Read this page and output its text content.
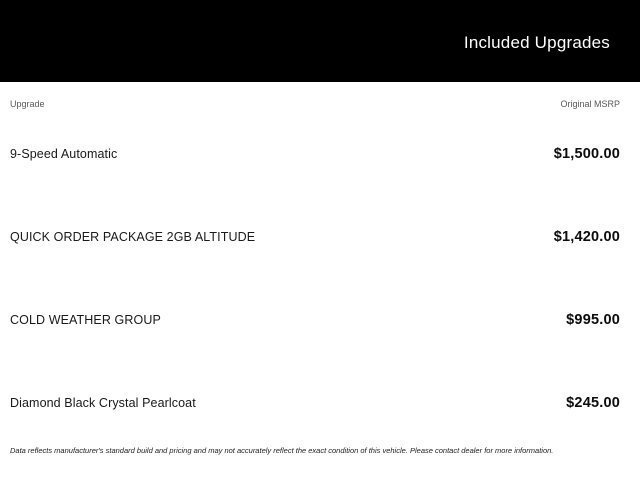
Included Upgrades
Upgrade	Original MSRP
9-Speed Automatic	$1,500.00
QUICK ORDER PACKAGE 2GB ALTITUDE	$1,420.00
COLD WEATHER GROUP	$995.00
Diamond Black Crystal Pearlcoat	$245.00
Data reflects manufacturer's standard build and pricing and may not accurately reflect the exact condition of this vehicle. Please contact dealer for more information.
